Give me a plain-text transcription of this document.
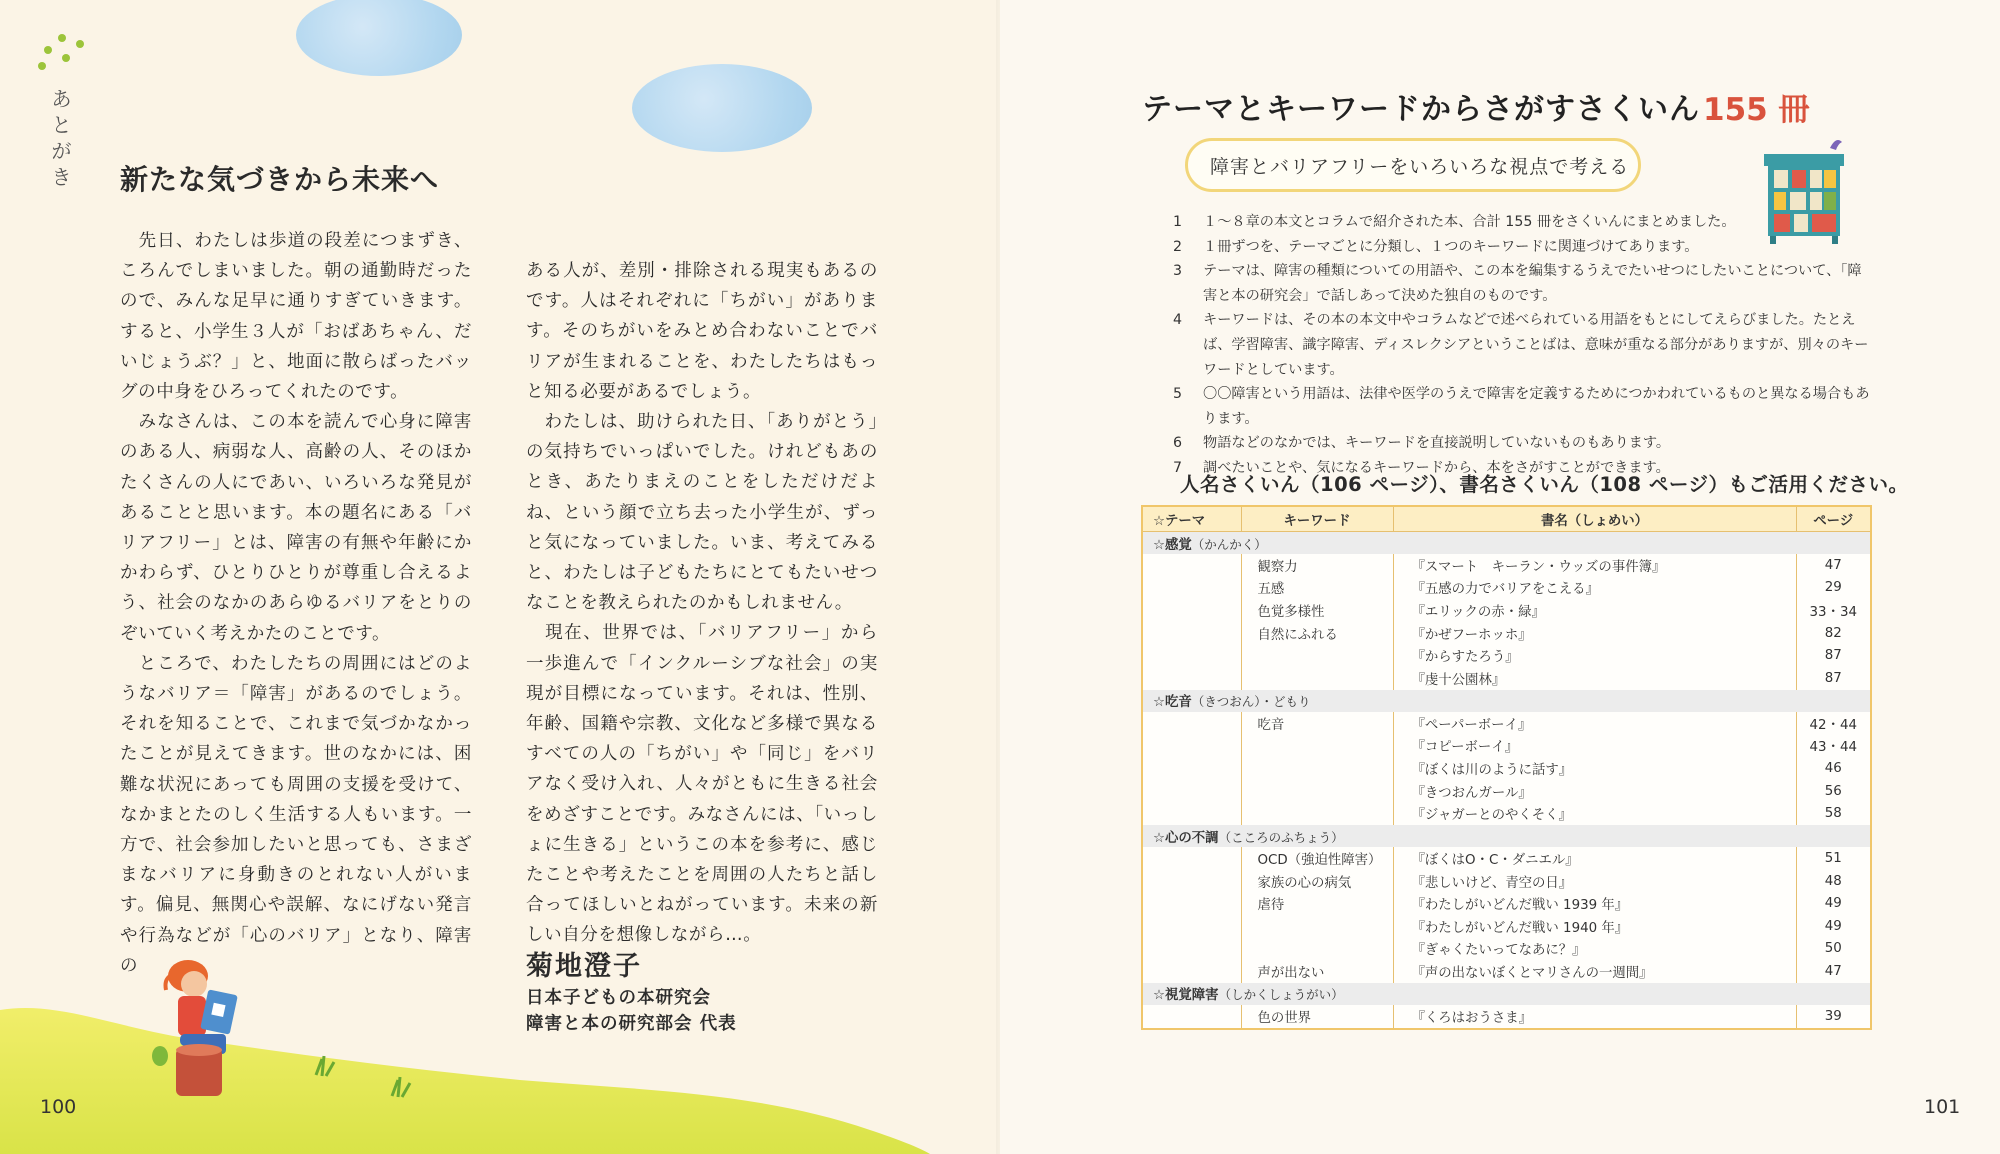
あ
と
が
き 新たな気づきから未来へ
　先日、わたしは歩道の段差につまずき、ころんでしまいました。朝の通勤時だったので、みんな足早に通りすぎていきます。すると、小学生３人が「おばあちゃん、だいじょうぶ？」と、地面に散らばったバッグの中身をひろってくれたのです。
　みなさんは、この本を読んで心身に障害のある人、病弱な人、高齢の人、そのほかたくさんの人にであい、いろいろな発見があることと思います。本の題名にある「バリアフリー」とは、障害の有無や年齢にかかわらず、ひとりひとりが尊重し合えるよう、社会のなかのあらゆるバリアをとりのぞいていく考えかたのことです。
　ところで、わたしたちの周囲にはどのようなバリア＝「障害」があるのでしょう。それを知ることで、これまで気づかなかったことが見えてきます。世のなかには、困難な状況にあっても周囲の支援を受けて、なかまとたのしく生活する人もいます。一方で、社会参加したいと思っても、さまざまなバリアに身動きのとれない人がいます。偏見、無関心や誤解、なにげない発言や行為などが「心のバリア」となり、障害の
ある人が、差別・排除される現実もあるのです。人はそれぞれに「ちがい」があります。そのちがいをみとめ合わないことでバリアが生まれることを、わたしたちはもっと知る必要があるでしょう。
　わたしは、助けられた日、「ありがとう」の気持ちでいっぱいでした。けれどもあのとき、あたりまえのことをしただけだよね、という顔で立ち去った小学生が、ずっと気になっていました。いま、考えてみると、わたしは子どもたちにとてもたいせつなことを教えられたのかもしれません。
　現在、世界では、「バリアフリー」から一歩進んで「インクルーシブな社会」の実現が目標になっています。それは、性別、年齢、国籍や宗教、文化など多様で異なるすべての人の「ちがい」や「同じ」をバリアなく受け入れ、人々がともに生きる社会をめざすことです。みなさんには、「いっしょに生きる」というこの本を参考に、感じたことや考えたことを周囲の人たちと話し合ってほしいとねがっています。未来の新しい自分を想像しながら…。
菊地澄子
日本子どもの本研究会
障害と本の研究部会 代表
100
テーマとキーワードからさがすさくいん 155 冊
障害とバリアフリーをいろいろな視点で考える
1 １～８章の本文とコラムで紹介された本、合計 155 冊をさくいんにまとめました。

2 １冊ずつを、テーマごとに分類し、１つのキーワードに関連づけてあります。

3 テーマは、障害の種類についての用語や、この本を編集するうえでたいせつにしたいことについて、「障害と本の研究会」で話しあって決めた独自のものです。

4 キーワードは、その本の本文中やコラムなどで述べられている用語をもとにしてえらびました。たとえば、学習障害、識字障害、ディスレクシアということばは、意味が重なる部分がありますが、別々のキーワードとしています。

5 〇〇障害という用語は、法律や医学のうえで障害を定義するためにつかわれているものと異なる場合もあります。

6 物語などのなかでは、キーワードを直接説明していないものもあります。

7 調べたいことや、気になるキーワードから、本をさがすことができます。

人名さくいん（106 ページ）、書名さくいん（108 ページ）もご活用ください。
☆テーマ	キーワード	書名（しょめい）	ページ
☆感覚（かんかく）			
	観察力	『スマート　キーラン・ウッズの事件簿』	47
	五感	『五感の力でバリアをこえる』	29
	色覚多様性	『エリックの赤・緑』	33・34
	自然にふれる	『かぜフーホッホ』	82
		『からすたろう』	87
		『虔十公園林』	87
☆吃音（きつおん）・どもり			
	吃音	『ペーパーボーイ』	42・44
		『コピーボーイ』	43・44
		『ぼくは川のように話す』	46
		『きつおんガール』	56
		『ジャガーとのやくそく』	58
☆心の不調（こころのふちょう）			
	OCD（強迫性障害）	『ぼくはO・C・ダニエル』	51
	家族の心の病気	『悲しいけど、青空の日』	48
	虐待	『わたしがいどんだ戦い 1939 年』	49
		『わたしがいどんだ戦い 1940 年』	49
		『ぎゃくたいってなあに？』	50
	声が出ない	『声の出ないぼくとマリさんの一週間』	47
☆視覚障害（しかくしょうがい）			
	色の世界	『くろはおうさま』	39
101
